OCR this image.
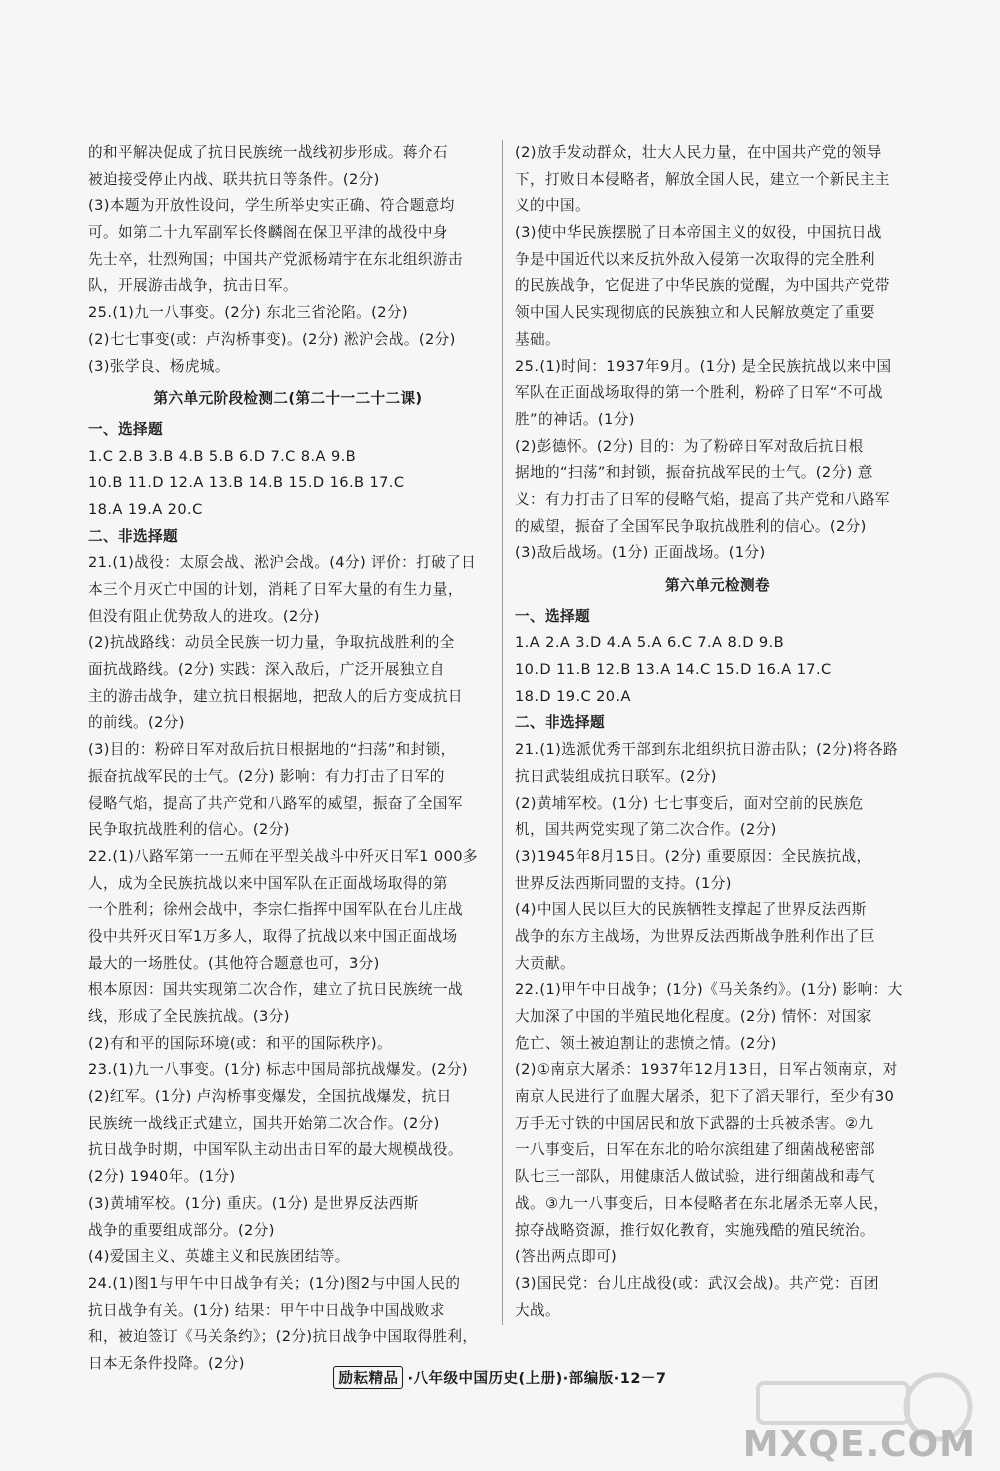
的和平解决促成了抗日民族统一战线初步形成。蒋介石
被迫接受停止内战、联共抗日等条件。(2分)
(3)本题为开放性设问，学生所举史实正确、符合题意均
可。如第二十九军副军长佟麟阁在保卫平津的战役中身
先士卒，壮烈殉国；中国共产党派杨靖宇在东北组织游击
队，开展游击战争，抗击日军。
25.(1)九一八事变。(2分) 东北三省沦陷。(2分)
(2)七七事变(或：卢沟桥事变)。(2分) 淞沪会战。(2分)
(3)张学良、杨虎城。
第六单元阶段检测二(第二十一二十二课)
一、选择题
1.C 2.B 3.B 4.B 5.B 6.D 7.C 8.A 9.B
10.B 11.D 12.A 13.B 14.B 15.D 16.B 17.C
18.A 19.A 20.C
二、非选择题
21.(1)战役：太原会战、淞沪会战。(4分) 评价：打破了日
本三个月灭亡中国的计划，消耗了日军大量的有生力量，
但没有阻止优势敌人的进攻。(2分)
(2)抗战路线：动员全民族一切力量，争取抗战胜利的全
面抗战路线。(2分) 实践：深入敌后，广泛开展独立自
主的游击战争，建立抗日根据地，把敌人的后方变成抗日
的前线。(2分)
(3)目的：粉碎日军对敌后抗日根据地的“扫荡”和封锁，
振奋抗战军民的士气。(2分) 影响：有力打击了日军的
侵略气焰，提高了共产党和八路军的威望，振奋了全国军
民争取抗战胜利的信心。(2分)
22.(1)八路军第一一五师在平型关战斗中歼灭日军1 000多
人，成为全民族抗战以来中国军队在正面战场取得的第
一个胜利；徐州会战中，李宗仁指挥中国军队在台儿庄战
役中共歼灭日军1万多人，取得了抗战以来中国正面战场
最大的一场胜仗。(其他符合题意也可，3分)
根本原因：国共实现第二次合作，建立了抗日民族统一战
线，形成了全民族抗战。(3分)
(2)有和平的国际环境(或：和平的国际秩序)。
23.(1)九一八事变。(1分) 标志中国局部抗战爆发。(2分)
(2)红军。(1分) 卢沟桥事变爆发，全国抗战爆发，抗日
民族统一战线正式建立，国共开始第二次合作。(2分)
抗日战争时期，中国军队主动出击日军的最大规模战役。
(2分) 1940年。(1分)
(3)黄埔军校。(1分) 重庆。(1分) 是世界反法西斯
战争的重要组成部分。(2分)
(4)爱国主义、英雄主义和民族团结等。
24.(1)图1与甲午中日战争有关；(1分)图2与中国人民的
抗日战争有关。(1分) 结果：甲午中日战争中国战败求
和，被迫签订《马关条约》；(2分)抗日战争中国取得胜利，
日本无条件投降。(2分)
(2)放手发动群众，壮大人民力量，在中国共产党的领导
下，打败日本侵略者，解放全国人民，建立一个新民主主
义的中国。
(3)使中华民族摆脱了日本帝国主义的奴役，中国抗日战
争是中国近代以来反抗外敌入侵第一次取得的完全胜利
的民族战争，它促进了中华民族的觉醒，为中国共产党带
领中国人民实现彻底的民族独立和人民解放奠定了重要
基础。
25.(1)时间：1937年9月。(1分) 是全民族抗战以来中国
军队在正面战场取得的第一个胜利，粉碎了日军“不可战
胜”的神话。(1分)
(2)彭德怀。(2分) 目的：为了粉碎日军对敌后抗日根
据地的“扫荡”和封锁，振奋抗战军民的士气。(2分) 意
义：有力打击了日军的侵略气焰，提高了共产党和八路军
的威望，振奋了全国军民争取抗战胜利的信心。(2分)
(3)敌后战场。(1分) 正面战场。(1分)
第六单元检测卷
一、选择题
1.A 2.A 3.D 4.A 5.A 6.C 7.A 8.D 9.B
10.D 11.B 12.B 13.A 14.C 15.D 16.A 17.C
18.D 19.C 20.A
二、非选择题
21.(1)选派优秀干部到东北组织抗日游击队；(2分)将各路
抗日武装组成抗日联军。(2分)
(2)黄埔军校。(1分) 七七事变后，面对空前的民族危
机，国共两党实现了第二次合作。(2分)
(3)1945年8月15日。(2分) 重要原因：全民族抗战，
世界反法西斯同盟的支持。(1分)
(4)中国人民以巨大的民族牺牲支撑起了世界反法西斯
战争的东方主战场，为世界反法西斯战争胜利作出了巨
大贡献。
22.(1)甲午中日战争；(1分)《马关条约》。(1分) 影响：大
大加深了中国的半殖民地化程度。(2分) 情怀：对国家
危亡、领土被迫割让的悲愤之情。(2分)
(2)①南京大屠杀：1937年12月13日，日军占领南京，对
南京人民进行了血腥大屠杀，犯下了滔天罪行，至少有30
万手无寸铁的中国居民和放下武器的士兵被杀害。②九
一八事变后，日军在东北的哈尔滨组建了细菌战秘密部
队七三一部队，用健康活人做试验，进行细菌战和毒气
战。③九一八事变后，日本侵略者在东北屠杀无辜人民，
掠夺战略资源，推行奴化教育，实施残酷的殖民统治。
(答出两点即可)
(3)国民党：台儿庄战役(或：武汉会战)。共产党：百团
大战。
励耘精品 ·八年级中国历史(上册)·部编版·12－7
MXQE.COM
